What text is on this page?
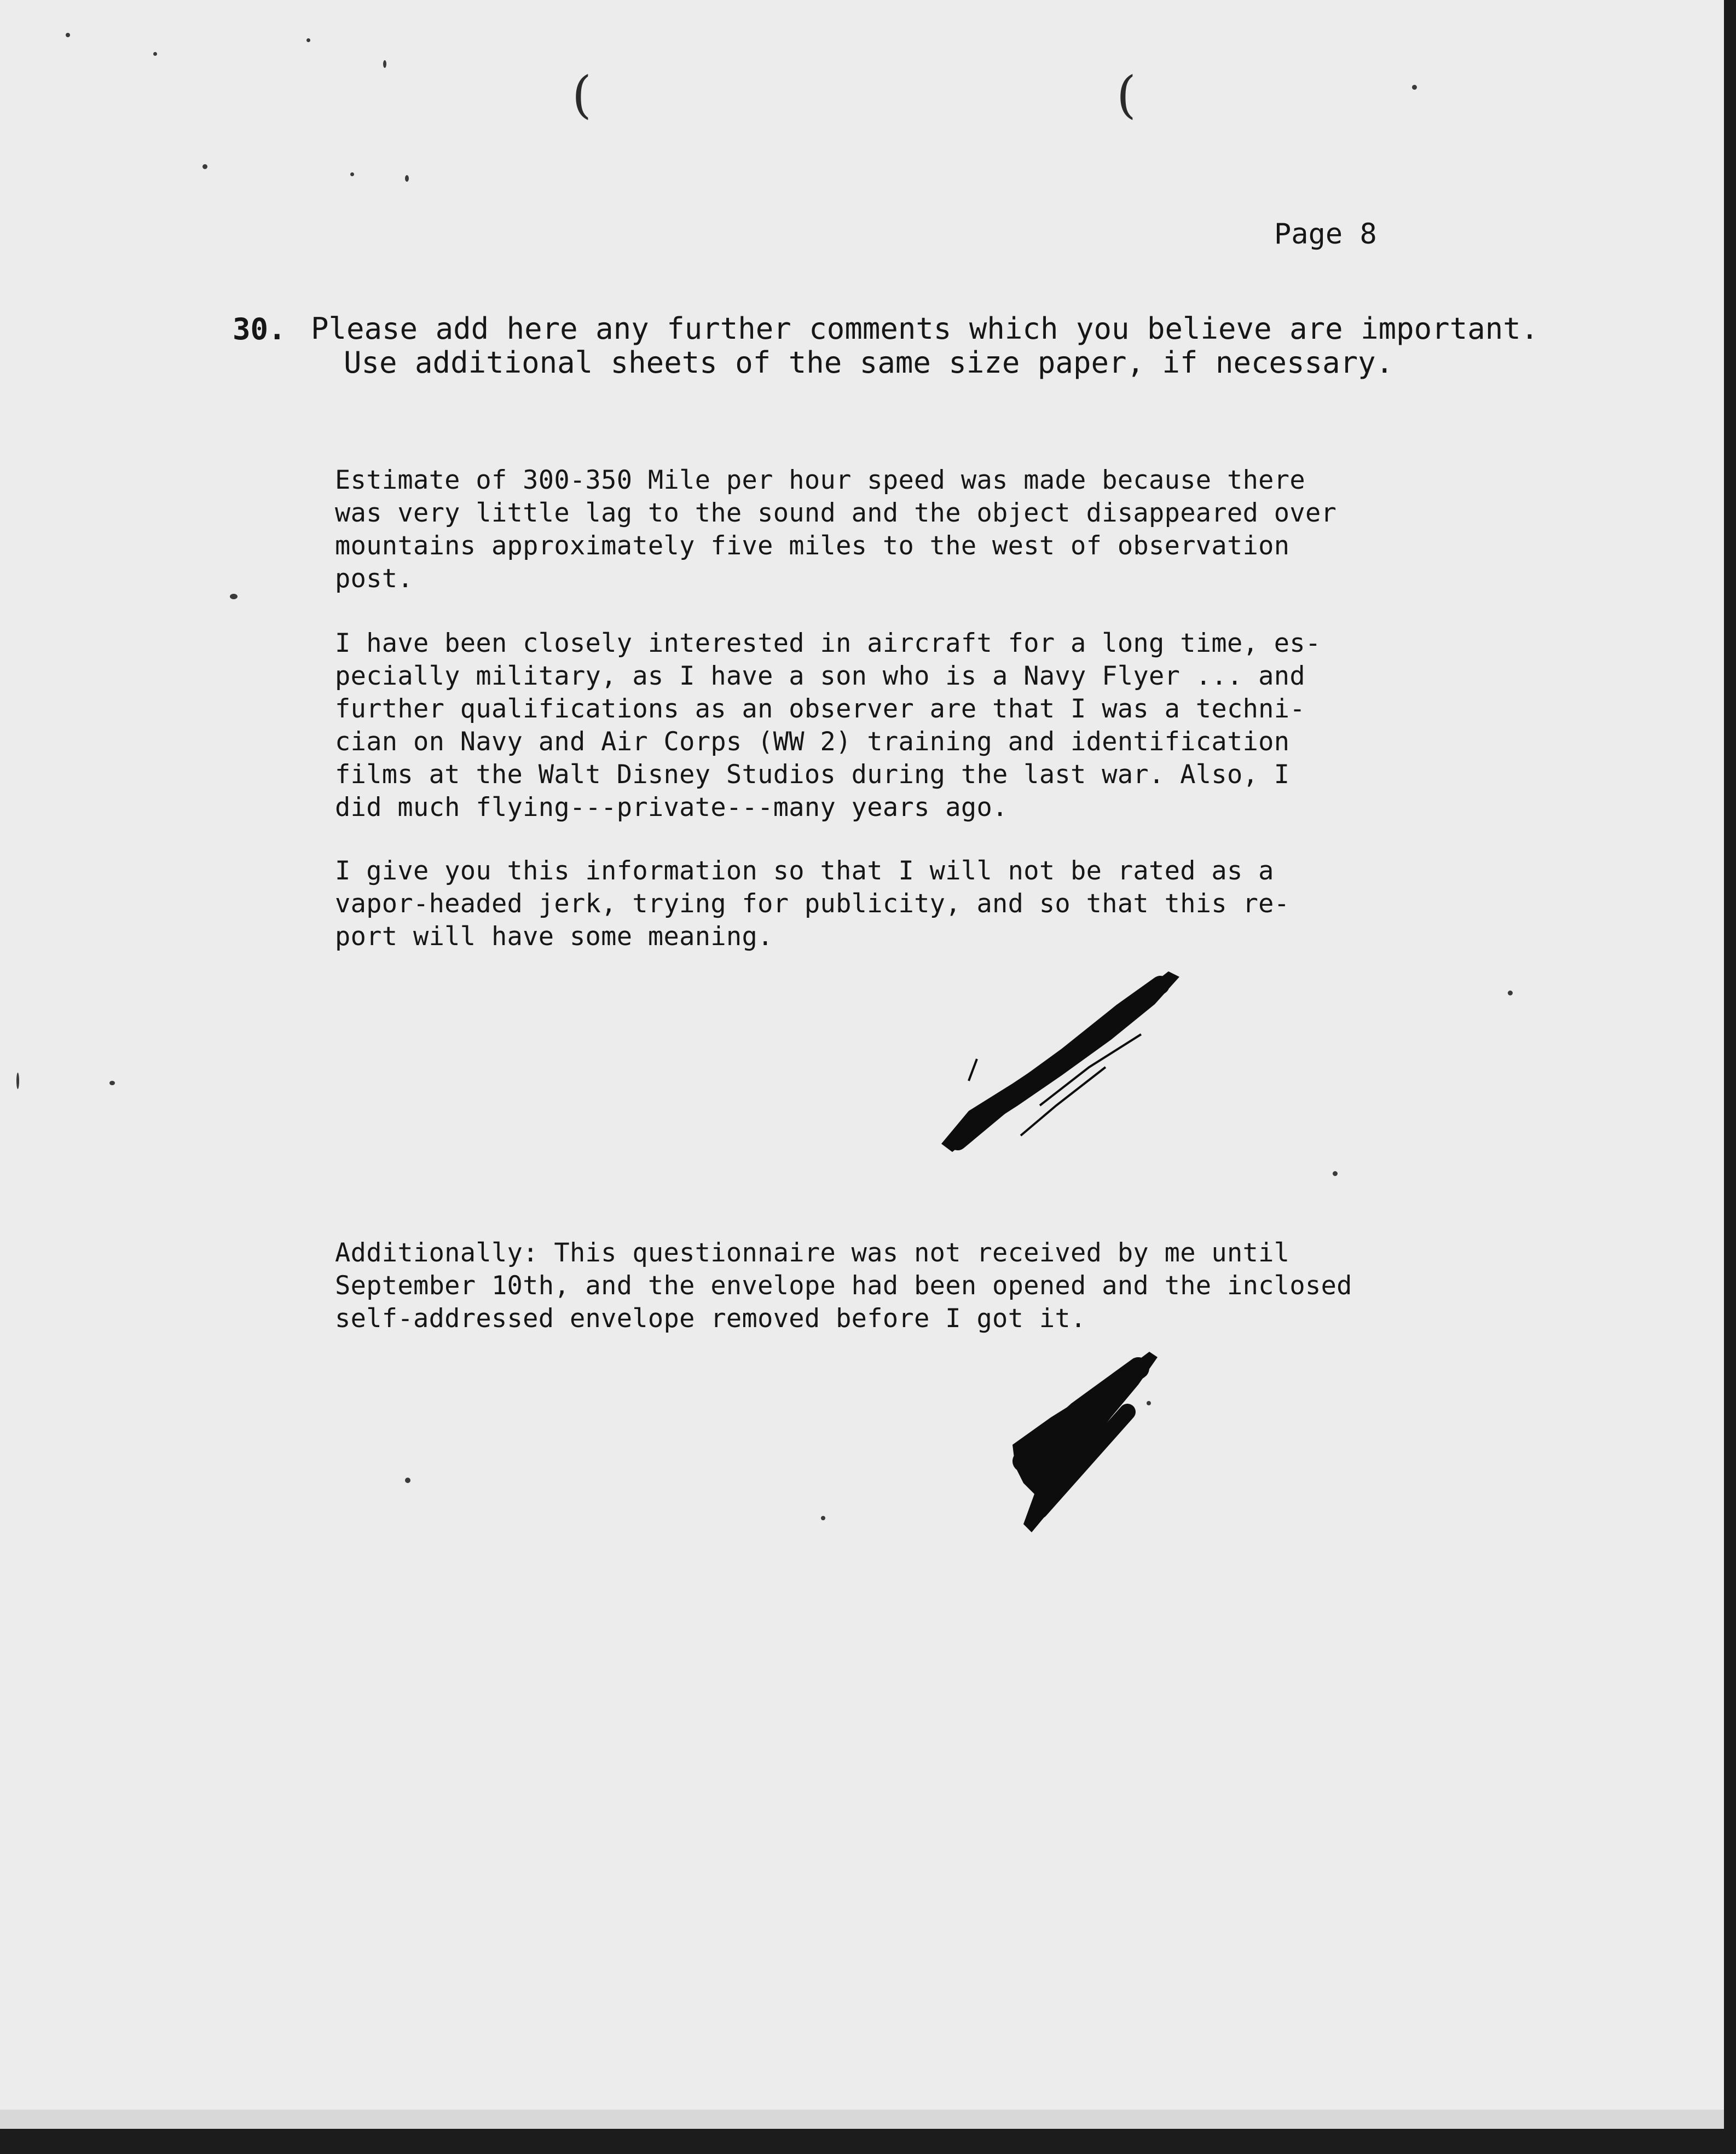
(	(
Page 8
30. Please add here any further comments which you believe are important.
Use additional sheets of the same size paper, if necessary.
Estimate of 300-350 Mile per hour speed was made because there
was very little lag to the sound and the object disappeared over
mountains approximately five miles to the west of observation
post.
I have been closely interested in aircraft for a long time, es-
pecially military, as I have a son who is a Navy Flyer ... and
further qualifications as an observer are that I was a techni-
cian on Navy and Air Corps (WW 2) training and identification
films at the Walt Disney Studios during the last war. Also, I
did much flying---private---many years ago.
I give you this information so that I will not be rated as a
vapor-headed jerk, trying for publicity, and so that this re-
port will have some meaning.
Additionally: This questionnaire was not received by me until
September 10th, and the envelope had been opened and the inclosed
self-addressed envelope removed before I got it.
